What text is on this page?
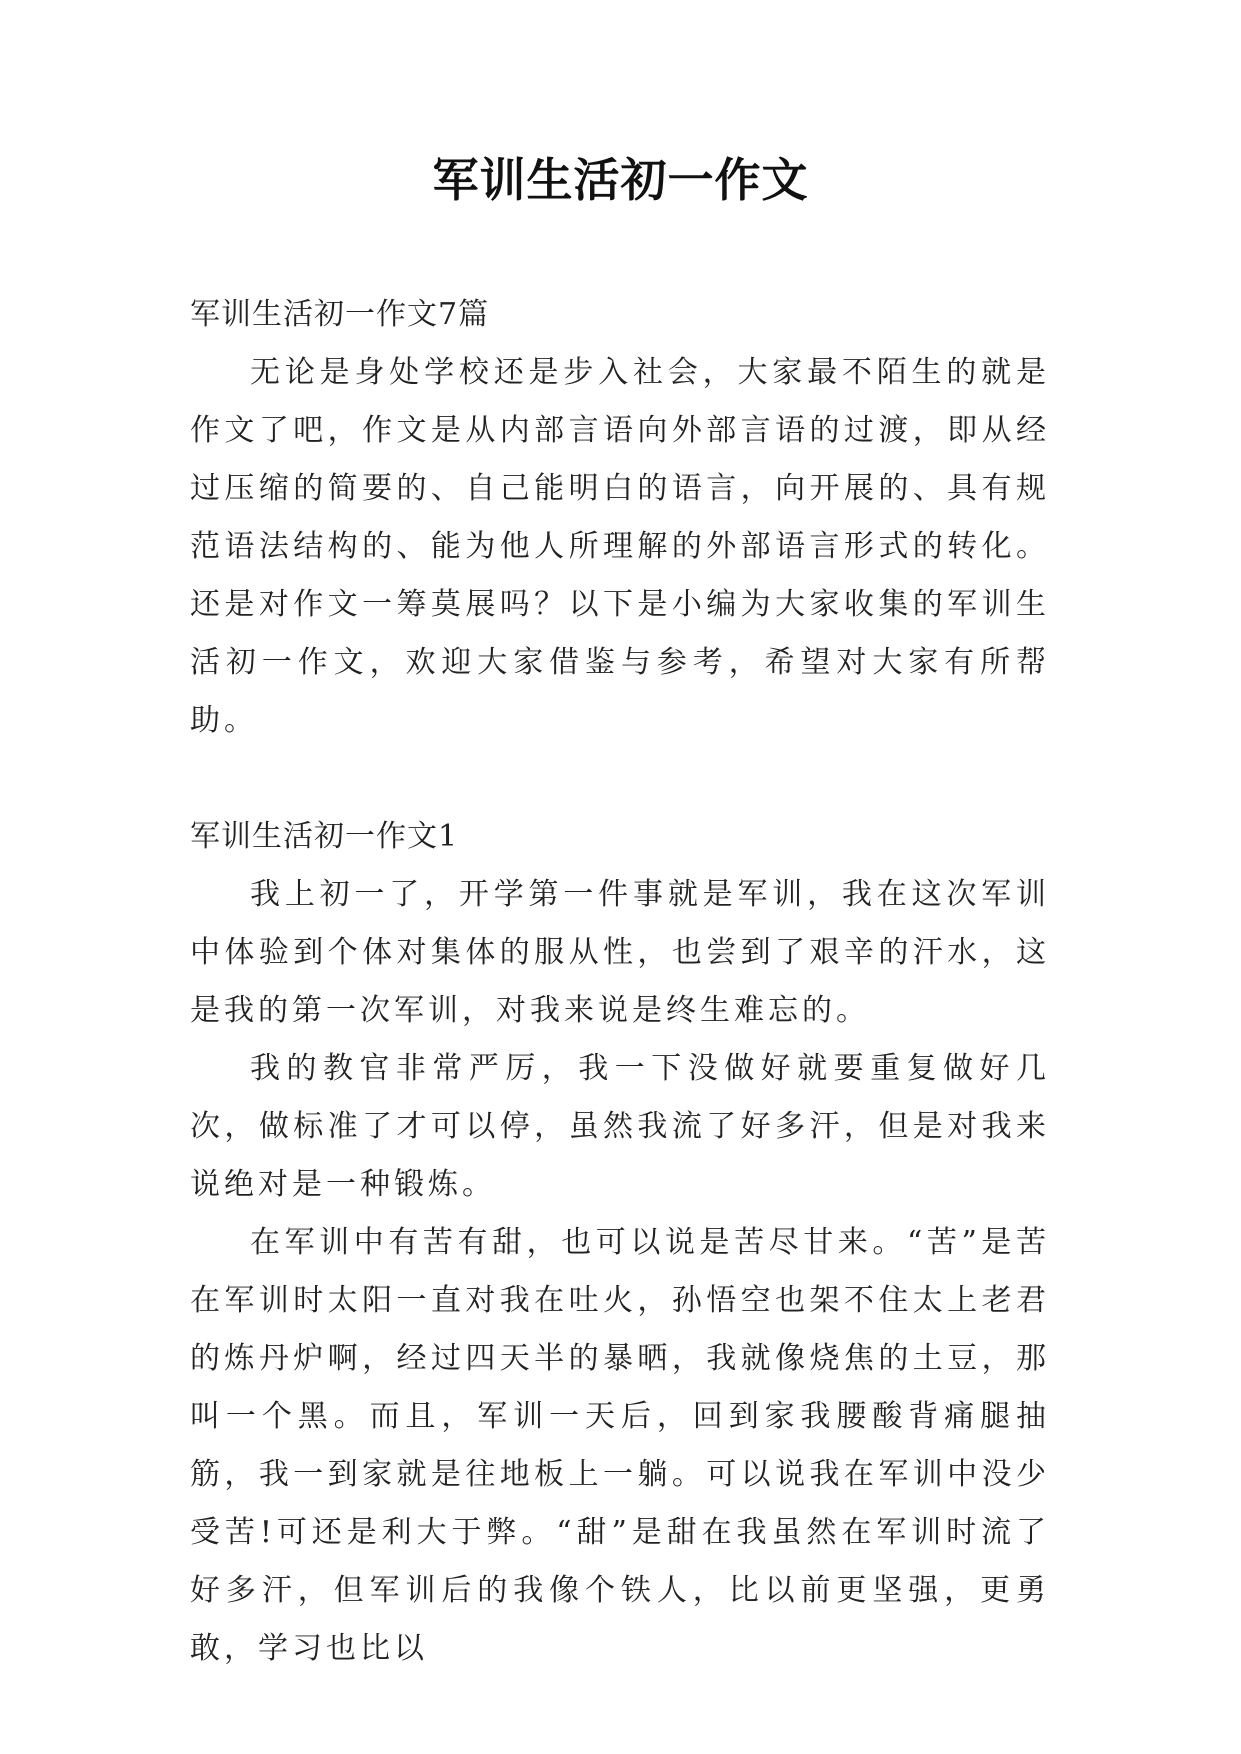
军训生活初一作文

军训生活初一作文7篇

无论是身处学校还是步入社会，大家最不陌生的就是作文了吧，作文是从内部言语向外部言语的过渡，即从经过压缩的简要的、自己能明白的语言，向开展的、具有规范语法结构的、能为他人所理解的外部语言形式的转化。还是对作文一筹莫展吗？以下是小编为大家收集的军训生活初一作文，欢迎大家借鉴与参考，希望对大家有所帮助。

军训生活初一作文1

我上初一了，开学第一件事就是军训，我在这次军训中体验到个体对集体的服从性，也尝到了艰辛的汗水，这是我的第一次军训，对我来说是终生难忘的。

我的教官非常严厉，我一下没做好就要重复做好几次，做标准了才可以停，虽然我流了好多汗，但是对我来说绝对是一种锻炼。

在军训中有苦有甜，也可以说是苦尽甘来。“苦”是苦在军训时太阳一直对我在吐火，孙悟空也架不住太上老君的炼丹炉啊，经过四天半的暴晒，我就像烧焦的土豆，那叫一个黑。而且，军训一天后，回到家我腰酸背痛腿抽筋，我一到家就是往地板上一躺。可以说我在军训中没少受苦!可还是利大于弊。“甜”是甜在我虽然在军训时流了好多汗，但军训后的我像个铁人，比以前更坚强，更勇敢，学习也比以
